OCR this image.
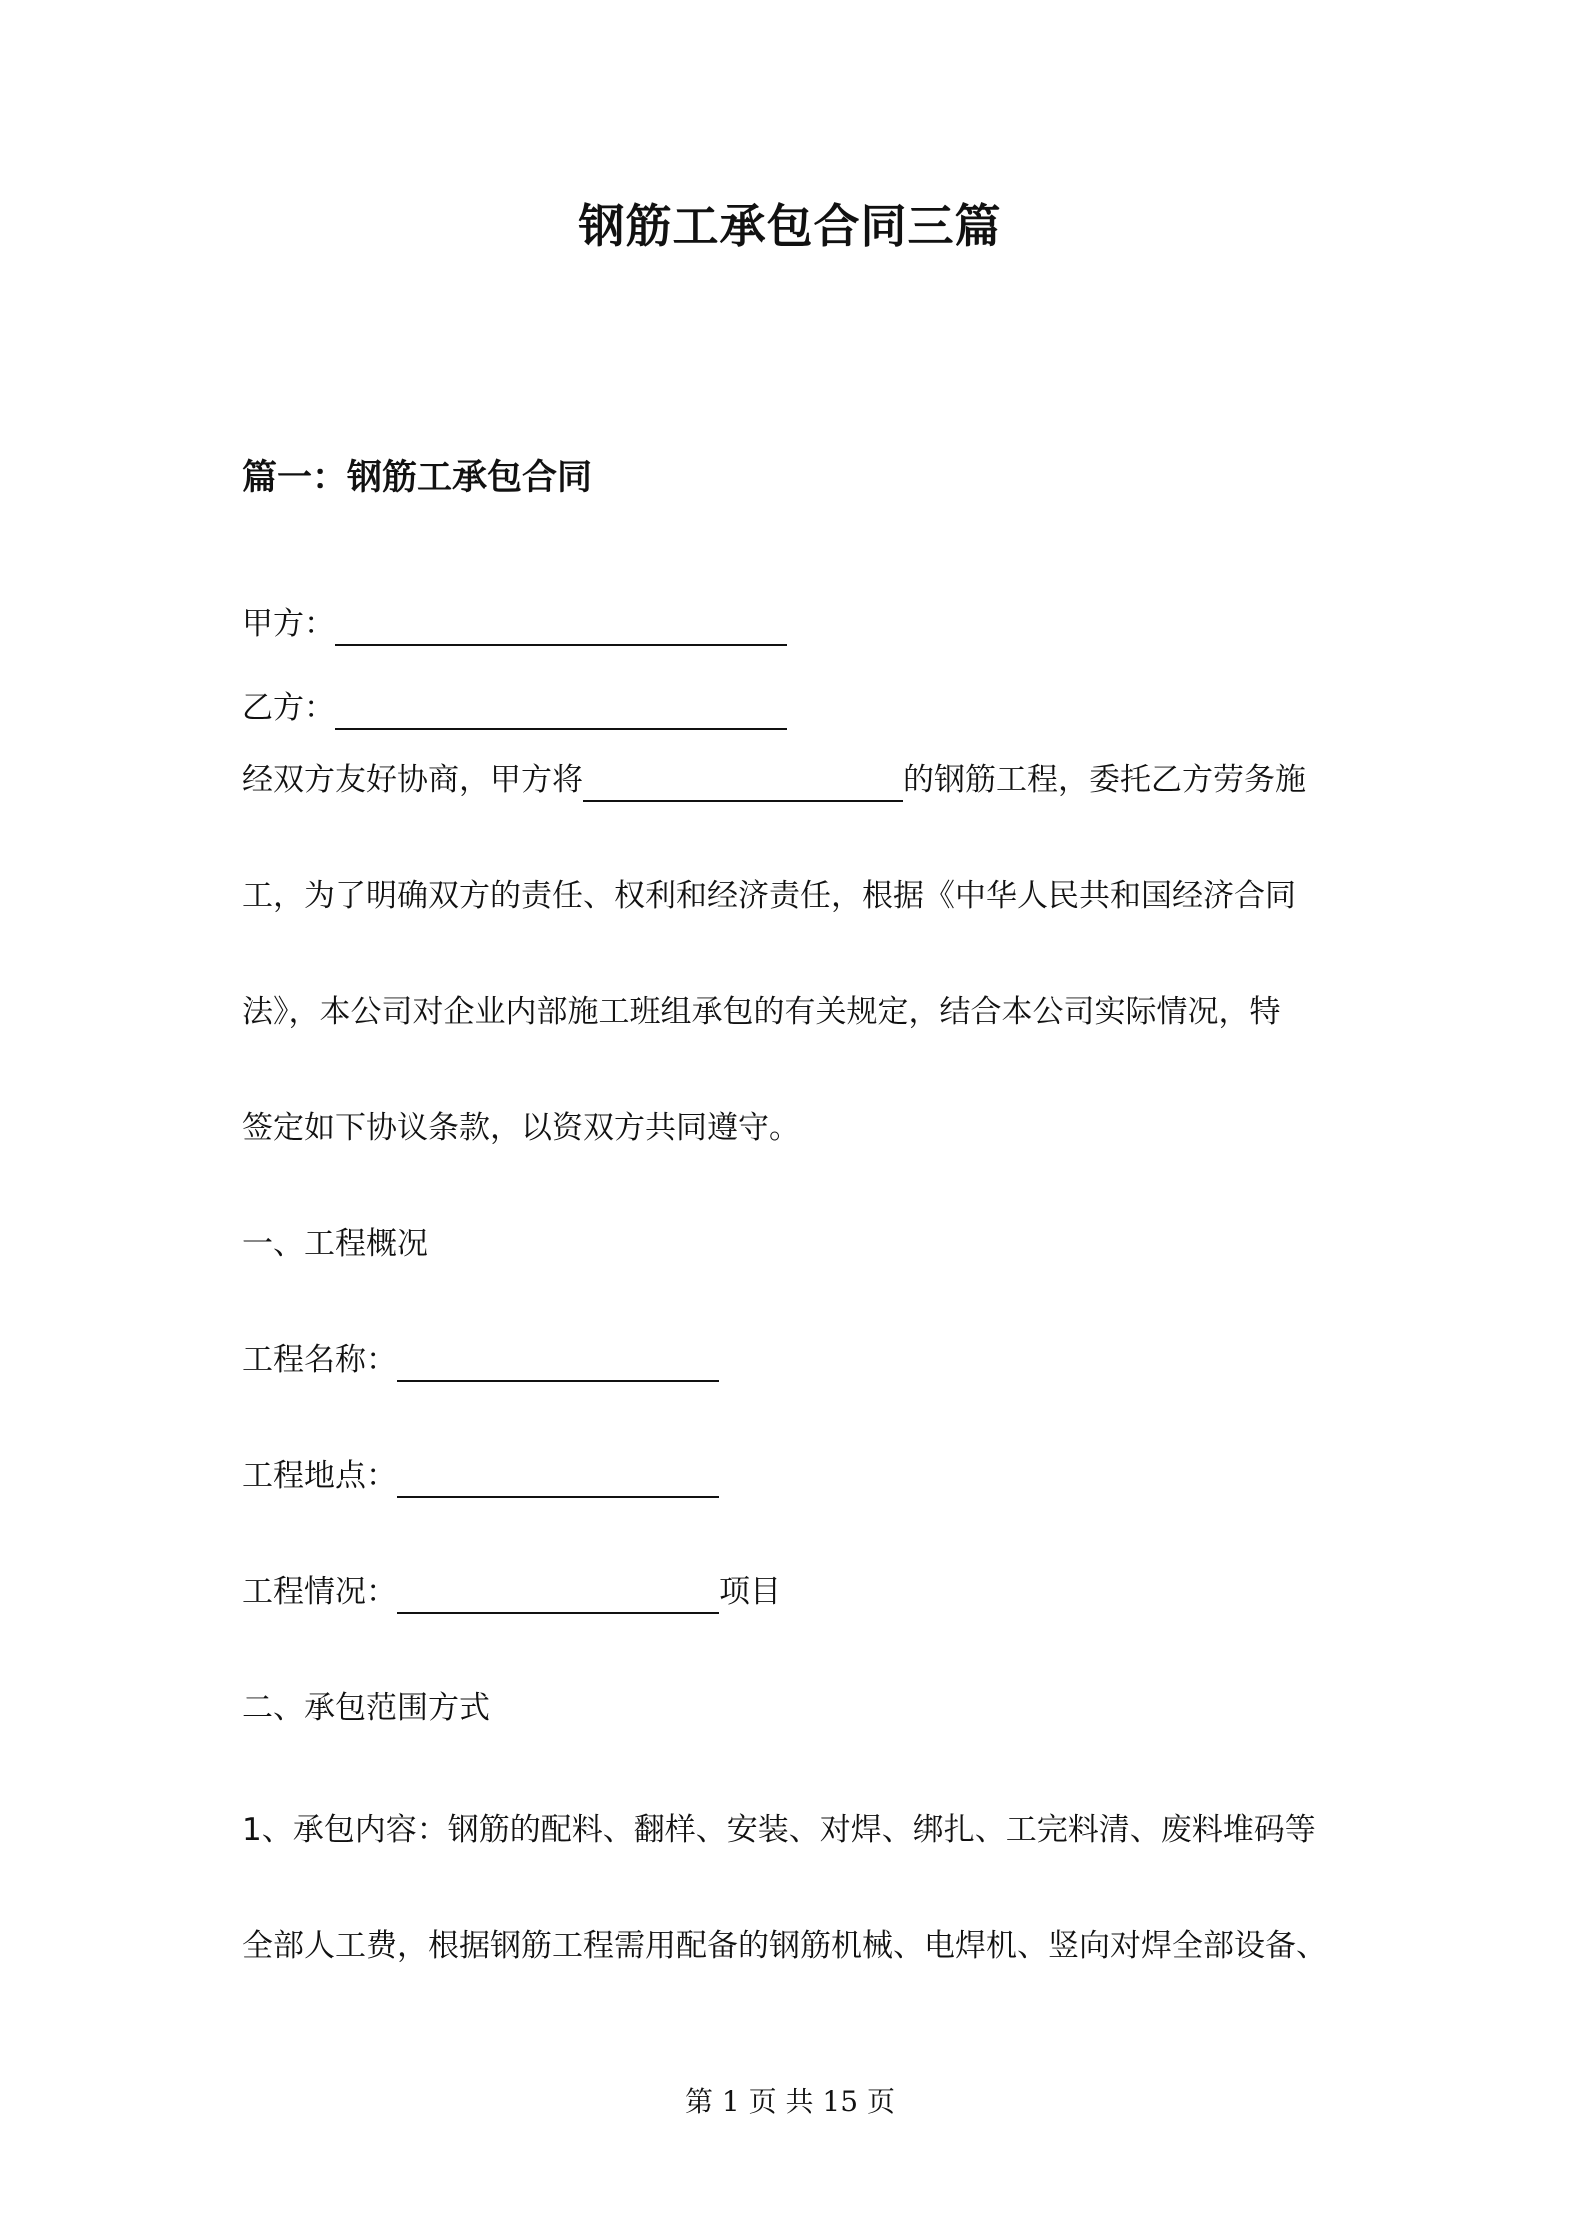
钢筋工承包合同三篇
篇一：钢筋工承包合同
甲方：
乙方：
经双方友好协商，甲方将	的钢筋工程，委托乙方劳务施
工，为了明确双方的责任、权利和经济责任，根据《中华人民共和国经济合同
法》，本公司对企业内部施工班组承包的有关规定，结合本公司实际情况，特
签定如下协议条款，以资双方共同遵守。
一、工程概况
工程名称：
工程地点：
工程情况：	项目
二、承包范围方式
1、承包内容：钢筋的配料、翻样、安装、对焊、绑扎、工完料清、废料堆码等
全部人工费，根据钢筋工程需用配备的钢筋机械、电焊机、竖向对焊全部设备、
第 1 页 共 15 页
